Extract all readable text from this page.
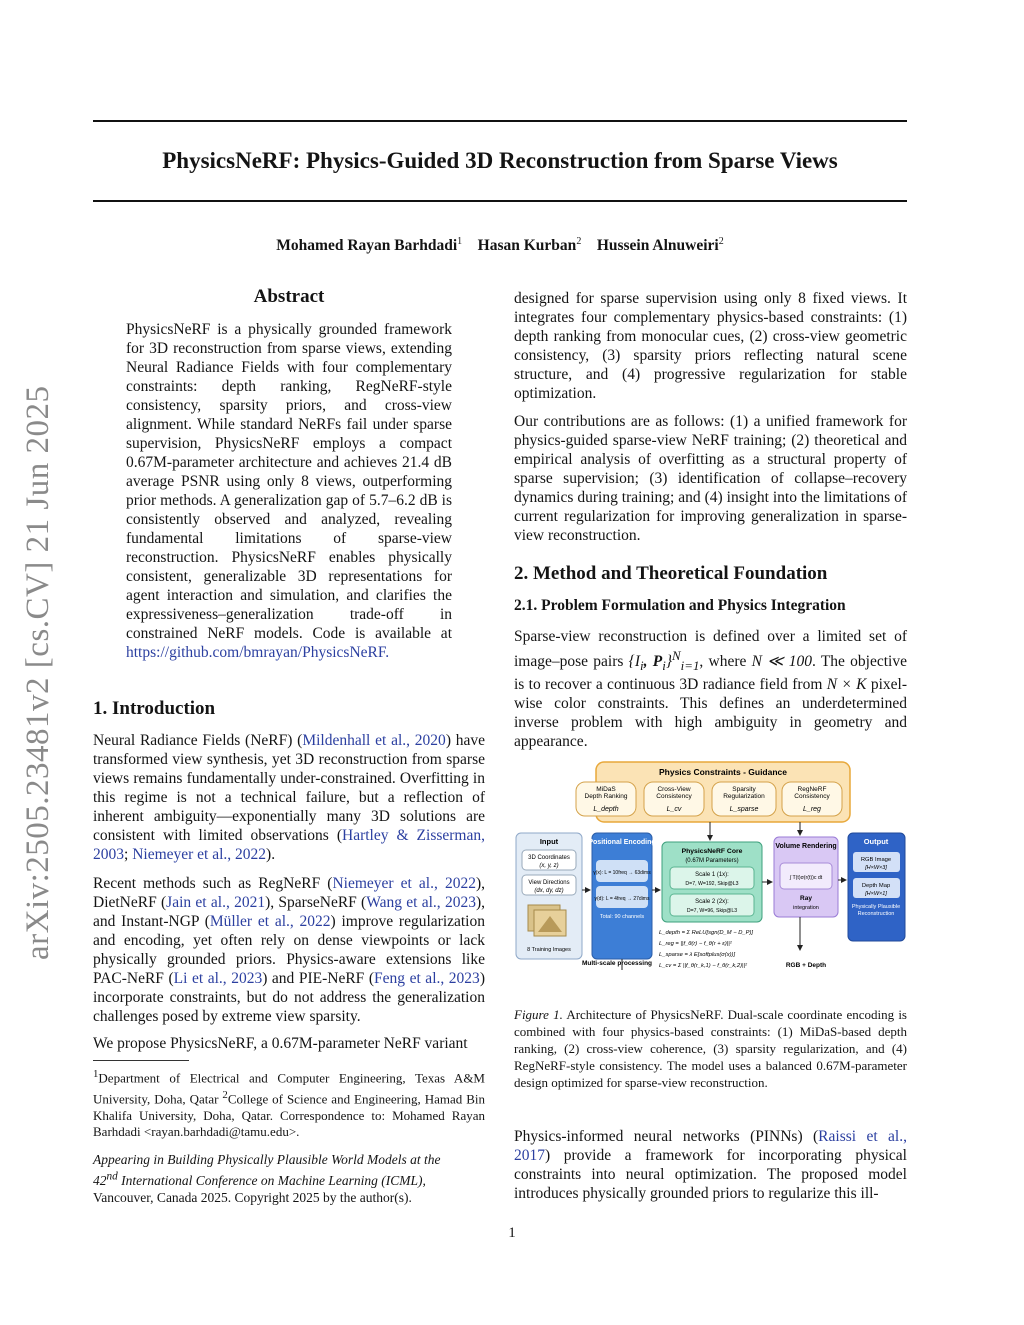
arXiv:2505.23481v2 [cs.CV] 21 Jun 2025
PhysicsNeRF: Physics-Guided 3D Reconstruction from Sparse Views
Mohamed Rayan Barhdadi$^1$ Hasan Kurban$^2$ Hussein Alnuweiri$^2$
Abstract

PhysicsNeRF is a physically grounded framework for 3D reconstruction from sparse views, extending Neural Radiance Fields with four complementary constraints: depth ranking, RegNeRF-style consistency, sparsity priors, and cross-view alignment. While standard NeRFs fail under sparse supervision, PhysicsNeRF employs a compact 0.67M-parameter architecture and achieves 21.4 dB average PSNR using only 8 views, outperforming prior methods. A generalization gap of 5.7–6.2 dB is consistently observed and analyzed, revealing fundamental limitations of sparse-view reconstruction. PhysicsNeRF enables physically consistent, generalizable 3D representations for agent interaction and simulation, and clarifies the expressiveness–generalization trade-off in constrained NeRF models. Code is available at https://github.com/bmrayan/PhysicsNeRF.

1. Introduction

Neural Radiance Fields (NeRF) (Mildenhall et al., 2020) have transformed view synthesis, yet 3D reconstruction from sparse views remains fundamentally under-constrained. Overfitting in this regime is not a technical failure, but a reflection of inherent ambiguity—exponentially many 3D solutions are consistent with limited observations (Hartley & Zisserman, 2003; Niemeyer et al., 2022).

Recent methods such as RegNeRF (Niemeyer et al., 2022), DietNeRF (Jain et al., 2021), SparseNeRF (Wang et al., 2023), and Instant-NGP (Müller et al., 2022) improve regularization and encoding, yet often rely on dense viewpoints or lack physically grounded priors. Physics-aware extensions like PAC-NeRF (Li et al., 2023) and PIE-NeRF (Feng et al., 2023) incorporate constraints, but do not address the generalization challenges posed by extreme view sparsity.

We propose PhysicsNeRF, a 0.67M-parameter NeRF variant

$^1$Department of Electrical and Computer Engineering, Texas A&M University, Doha, Qatar $^2$College of Science and Engineering, Hamad Bin Khalifa University, Doha, Qatar. Correspondence to: Mohamed Rayan Barhdadi <rayan.barhdadi@tamu.edu>.
Appearing in Building Physically Plausible World Models at the
42nd International Conference on Machine Learning (ICML),
Vancouver, Canada 2025. Copyright 2025 by the author(s).

designed for sparse supervision using only 8 fixed views. It integrates four complementary physics-based constraints: (1) depth ranking from monocular cues, (2) cross-view geometric consistency, (3) sparsity priors reflecting natural scene structure, and (4) progressive regularization for stable optimization.

Our contributions are as follows: (1) a unified framework for physics-guided sparse-view NeRF training; (2) theoretical and empirical analysis of overfitting as a structural property of sparse supervision; (3) identification of collapse–recovery dynamics during training; and (4) insight into the limitations of current regularization for improving generalization in sparse-view reconstruction.

2. Method and Theoretical Foundation
2.1. Problem Formulation and Physics Integration

Sparse-view reconstruction is defined over a limited set of image–pose pairs {$I_i$, $P_i\}^N_{i=1}$, where N ≪ 100. The objective is to recover a continuous 3D radiance field from N × K pixel-wise color constraints. This defines an underdetermined inverse problem with high ambiguity in geometry and appearance.

Physics Constraints - Guidance
MiDaS Depth Ranking
L_depth
Cross-View Consistency
L_cv
Sparsity Regularization
L_sparse
RegNeRF Consistency
L_reg
Input
3D Coordinates
(x, y, z)
View Directions
(dx, dy, dz)
8 Training Images
Positional Encoding
γ(x): L = 10freq → 63dims
γ(d): L = 4freq → 27dims
Total: 90 channels
PhysicsNeRF Core
(0.67M Parameters)
Scale 1 (1x):
D=7, W=192, Skip@L3
Scale 2 (2x):
D=7, W=96, Skip@L3
Volume Rendering
∫ T(t)σ(r(t))c dt
Ray
integration
Output
RGB Image
[H×W×3]
Depth Map
[H×W×1]
Physically Plausible Reconstruction
L_depth = Σ ReLU[sgn(D_M − D_P)]
L_reg = ||f_θ(r) − f_θ(r + ε)||²
L_sparse = λ E[softplus(σ(x))]
L_cv = Σ ||f_θ(r_k,1) − f_θ(r_k,2)||²
Multi-scale processing	RGB + Depth
Figure 1. Architecture of PhysicsNeRF. Dual-scale coordinate encoding is combined with four physics-based constraints: (1) MiDaS-based depth ranking, (2) cross-view coherence, (3) sparsity regularization, and (4) RegNeRF-style consistency. The model uses a balanced 0.67M-parameter design optimized for sparse-view reconstruction.

Physics-informed neural networks (PINNs) (Raissi et al., 2017) provide a framework for incorporating physical constraints into neural optimization. The proposed model introduces physically grounded priors to regularize this ill-

1
